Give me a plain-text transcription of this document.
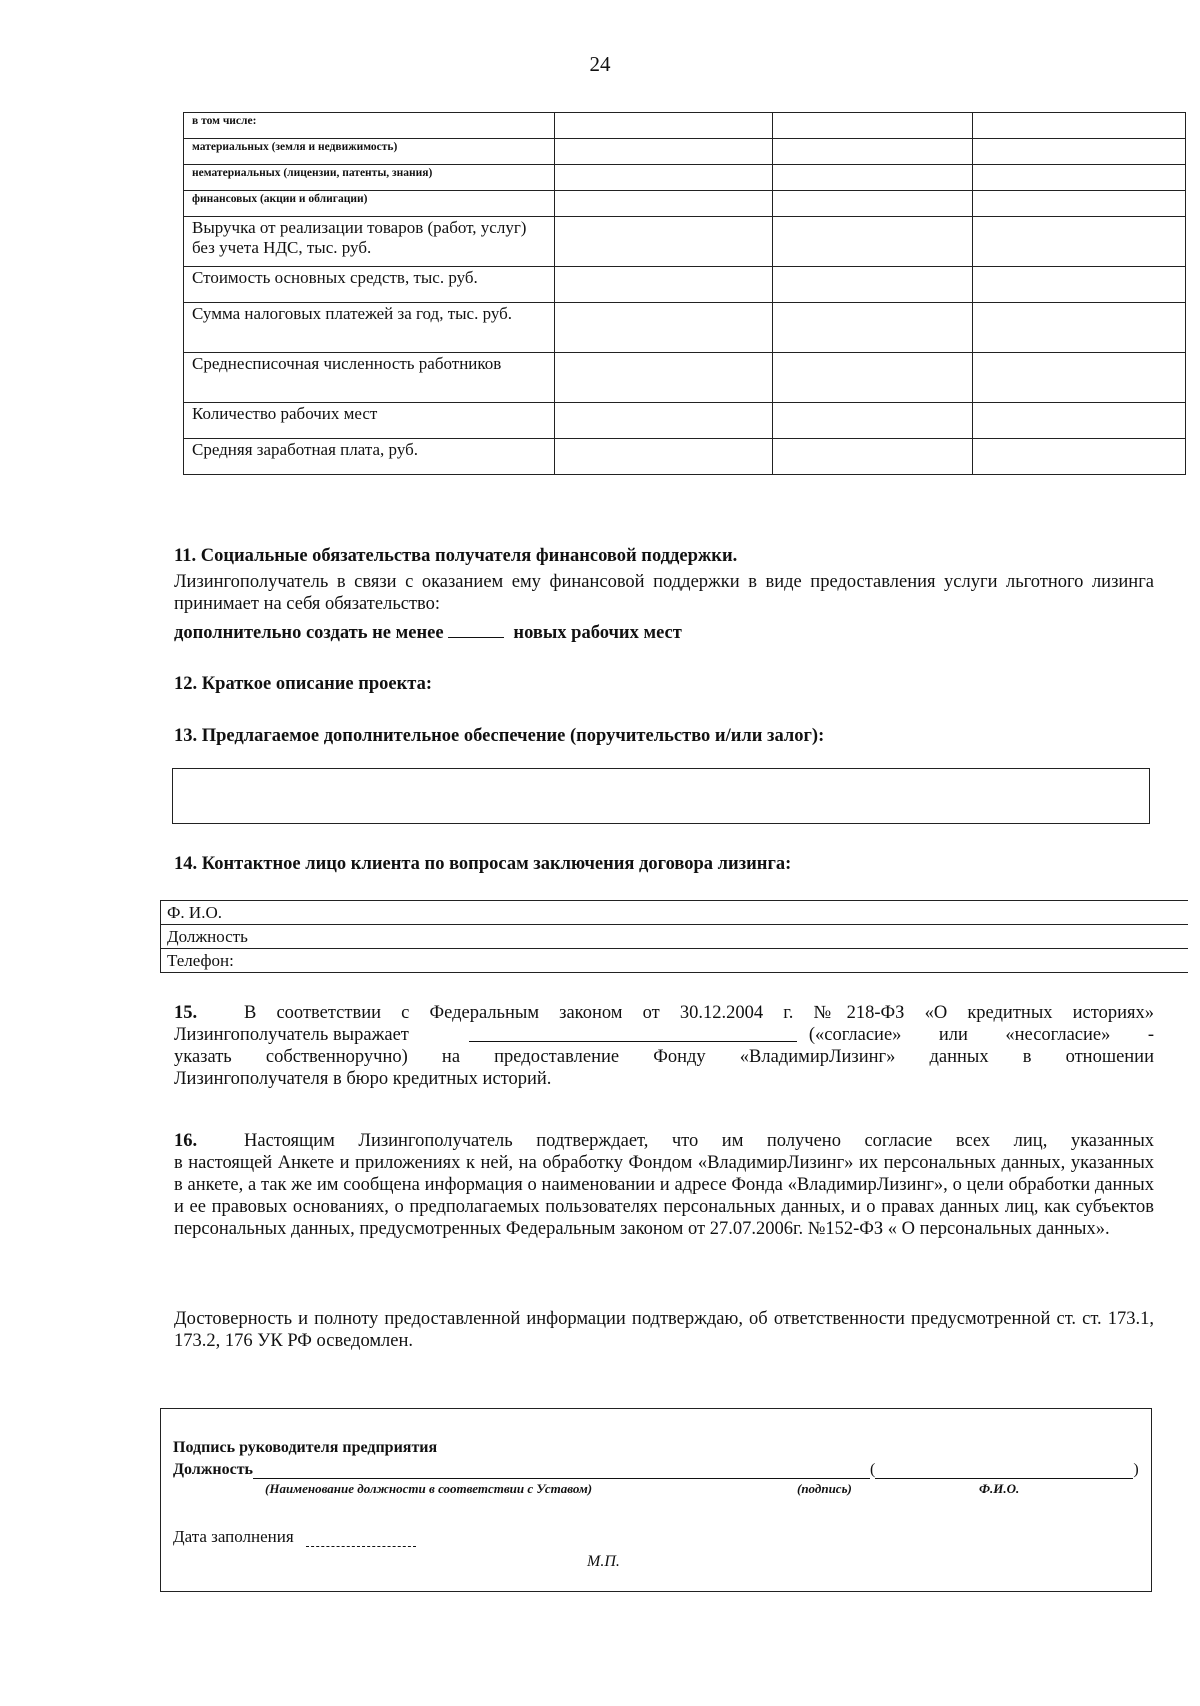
24
в том числе:			
материальных (земля и недвижимость)			
нематериальных (лицензии, патенты, знания)			
финансовых (акции и облигации)			
Выручка от реализации товаров (работ, услуг) без учета НДС, тыс. руб.			
Стоимость основных средств, тыс. руб.			
Сумма налоговых платежей за год, тыс. руб.			
Среднесписочная численность работников			
Количество рабочих мест			
Средняя заработная плата, руб.			
11. Социальные обязательства получателя финансовой поддержки.
Лизингополучатель в связи с оказанием ему финансовой поддержки в виде предоставления услуги льготного лизинга принимает на себя обязательство:
дополнительно создать не менее	новых рабочих мест
12. Краткое описание проекта:
13. Предлагаемое дополнительное обеспечение (поручительство и/или залог):
14. Контактное лицо клиента по вопросам заключения договора лизинга:
Ф. И.О.
Должность
Телефон:
15.	В соответствии с Федеральным законом от 30.12.2004 г. №218-ФЗ «О кредитных историях»
Лизингополучатель выражает	(«согласие» или «несогласие» -
указать собственноручно) на предоставление Фонду «ВладимирЛизинг» данных в отношении
Лизингополучателя в бюро кредитных историй.
16.	Настоящим Лизингополучатель подтверждает, что им получено согласие всех лиц, указанных
в настоящей Анкете и приложениях к ней, на обработку Фондом «ВладимирЛизинг» их персональных данных, указанных в анкете, а так же им сообщена информация о наименовании и адресе Фонда «ВладимирЛизинг», о цели обработки данных и ее правовых основаниях, о предполагаемых пользователях персональных данных, и о правах данных лиц, как субъектов персональных данных, предусмотренных Федеральным законом от 27.07.2006г. №152-ФЗ « О персональных данных».
Достоверность и полноту предоставленной информации подтверждаю, об ответственности предусмотренной ст. ст. 173.1, 173.2, 176 УК РФ осведомлен.
Подпись руководителя предприятия
Должность	(	)
(Наименование должности в соответствии с Уставом)	(подпись)	Ф.И.О.
Дата заполнения
М.П.
